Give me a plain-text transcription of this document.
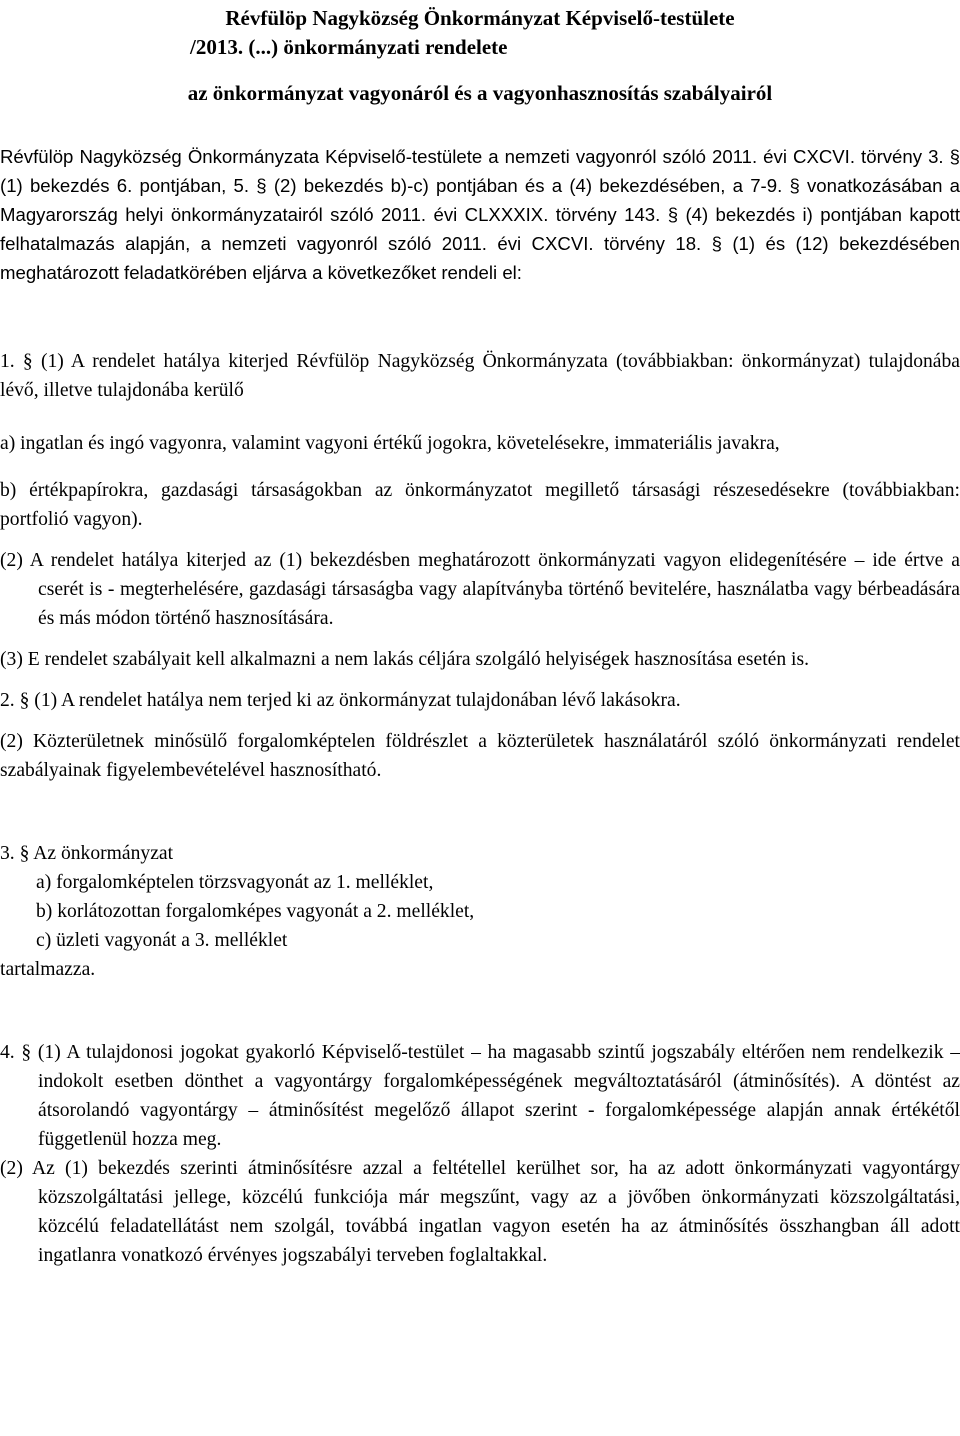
Révfülöp Nagyközség Önkormányzat Képviselő-testülete

/2013. (...) önkormányzati rendelete

az önkormányzat vagyonáról és a vagyonhasznosítás szabályairól

Révfülöp Nagyközség Önkormányzata Képviselő-testülete a nemzeti vagyonról szóló 2011. évi CXCVI. törvény 3. § (1) bekezdés 6. pontjában, 5. § (2) bekezdés b)-c) pontjában és a (4) bekezdésében, a 7-9. § vonatkozásában a Magyarország helyi önkormányzatairól szóló 2011. évi CLXXXIX. törvény 143. § (4) bekezdés i) pontjában kapott felhatalmazás alapján, a nemzeti vagyonról szóló 2011. évi CXCVI. törvény 18. § (1) és (12) bekezdésében meghatározott feladatkörében eljárva a következőket rendeli el:

1. § (1) A rendelet hatálya kiterjed Révfülöp Nagyközség Önkormányzata (továbbiakban: önkormányzat) tulajdonába lévő, illetve tulajdonába kerülő

a) ingatlan és ingó vagyonra, valamint vagyoni értékű jogokra, követelésekre, immateriális javakra,

b) értékpapírokra, gazdasági társaságokban az önkormányzatot megillető társasági részesedésekre (továbbiakban: portfolió vagyon).

(2) A rendelet hatálya kiterjed az (1) bekezdésben meghatározott önkormányzati vagyon elidegenítésére – ide értve a cserét is - megterhelésére, gazdasági társaságba vagy alapítványba történő bevitelére, használatba vagy bérbeadására és más módon történő hasznosítására.

(3) E rendelet szabályait kell alkalmazni a nem lakás céljára szolgáló helyiségek hasznosítása esetén is.

2. § (1) A rendelet hatálya nem terjed ki az önkormányzat tulajdonában lévő lakásokra.

(2) Közterületnek minősülő forgalomképtelen földrészlet a közterületek használatáról szóló önkormányzati rendelet szabályainak figyelembevételével hasznosítható.

3. § Az önkormányzat

a) forgalomképtelen törzsvagyonát az 1. melléklet,

b) korlátozottan forgalomképes vagyonát a 2. melléklet,

c) üzleti vagyonát a 3. melléklet

tartalmazza.

4. § (1) A tulajdonosi jogokat gyakorló Képviselő-testület – ha magasabb szintű jogszabály eltérően nem rendelkezik – indokolt esetben dönthet a vagyontárgy forgalomképességének megváltoztatásáról (átminősítés). A döntést az átsorolandó vagyontárgy – átminősítést megelőző állapot szerint - forgalomképessége alapján annak értékétől függetlenül hozza meg.

(2) Az (1) bekezdés szerinti átminősítésre azzal a feltétellel kerülhet sor, ha az adott önkormányzati vagyontárgy közszolgáltatási jellege, közcélú funkciója már megszűnt, vagy az a jövőben önkormányzati közszolgáltatási, közcélú feladatellátást nem szolgál, továbbá ingatlan vagyon esetén ha az átminősítés összhangban áll adott ingatlanra vonatkozó érvényes jogszabályi terveben foglaltakkal.
